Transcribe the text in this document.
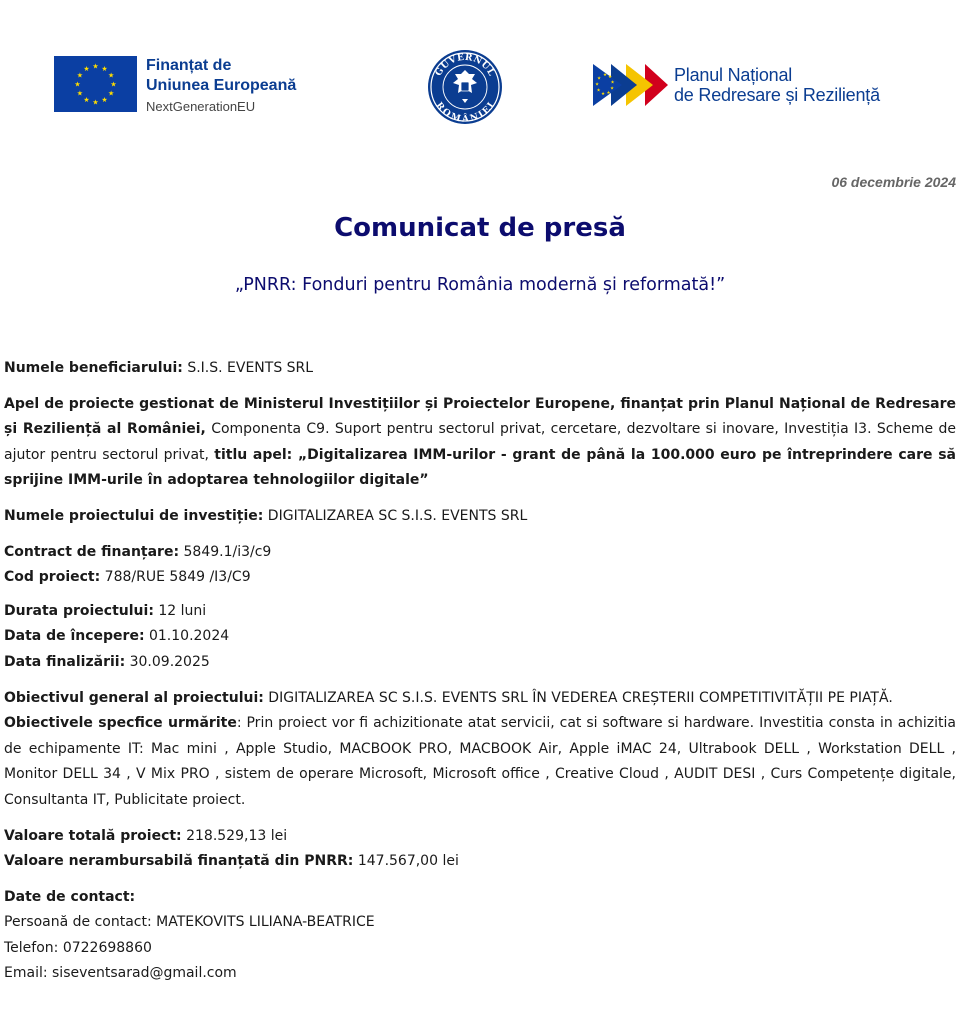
★ ★
★
★
★
★
★
★
★
★
★
★	Finanțat de
Uniunea Europeană
NextGenerationEU
GUVERNUL
ROMÂNIEI
★ ★
★
★
★
★
★
★
★	Planul Național
de Redresare și Reziliență
06 decembrie 2024
Comunicat de presă

„PNRR: Fonduri pentru România modernă și reformată!”

Numele beneficiarului: S.I.S. EVENTS SRL

Apel de proiecte gestionat de Ministerul Investițiilor și Proiectelor Europene, finanțat prin Planul Național de Redresare și Reziliență al României, Componenta C9. Suport pentru sectorul privat, cercetare, dezvoltare si inovare, Investiția I3. Scheme de ajutor pentru sectorul privat, titlu apel: „Digitalizarea IMM-urilor - grant de până la 100.000 euro pe întreprindere care să sprijine IMM-urile în adoptarea tehnologiilor digitale”

Numele proiectului de investiție: DIGITALIZAREA SC S.I.S. EVENTS SRL

Contract de finanțare: 5849.1/i3/c9

Cod proiect: 788/RUE 5849 /I3/C9

Durata proiectului: 12 luni

Data de începere: 01.10.2024

Data finalizării: 30.09.2025

Obiectivul general al proiectului: DIGITALIZAREA SC S.I.S. EVENTS SRL ÎN VEDEREA CREȘTERII COMPETITIVITĂȚII PE PIAȚĂ.

Obiectivele specfice urmărite: Prin proiect vor fi achizitionate atat servicii, cat si software si hardware. Investitia consta in achizitia de echipamente IT: Mac mini , Apple Studio, MACBOOK PRO, MACBOOK Air, Apple iMAC 24, Ultrabook DELL , Workstation DELL , Monitor DELL 34 , V Mix PRO , sistem de operare Microsoft, Microsoft office , Creative Cloud , AUDIT DESI , Curs Competențe digitale, Consultanta IT, Publicitate proiect.

Valoare totală proiect: 218.529,13 lei

Valoare nerambursabilă finanțată din PNRR: 147.567,00 lei

Date de contact:

Persoană de contact: MATEKOVITS LILIANA-BEATRICE

Telefon: 0722698860

Email: siseventsarad@gmail.com
